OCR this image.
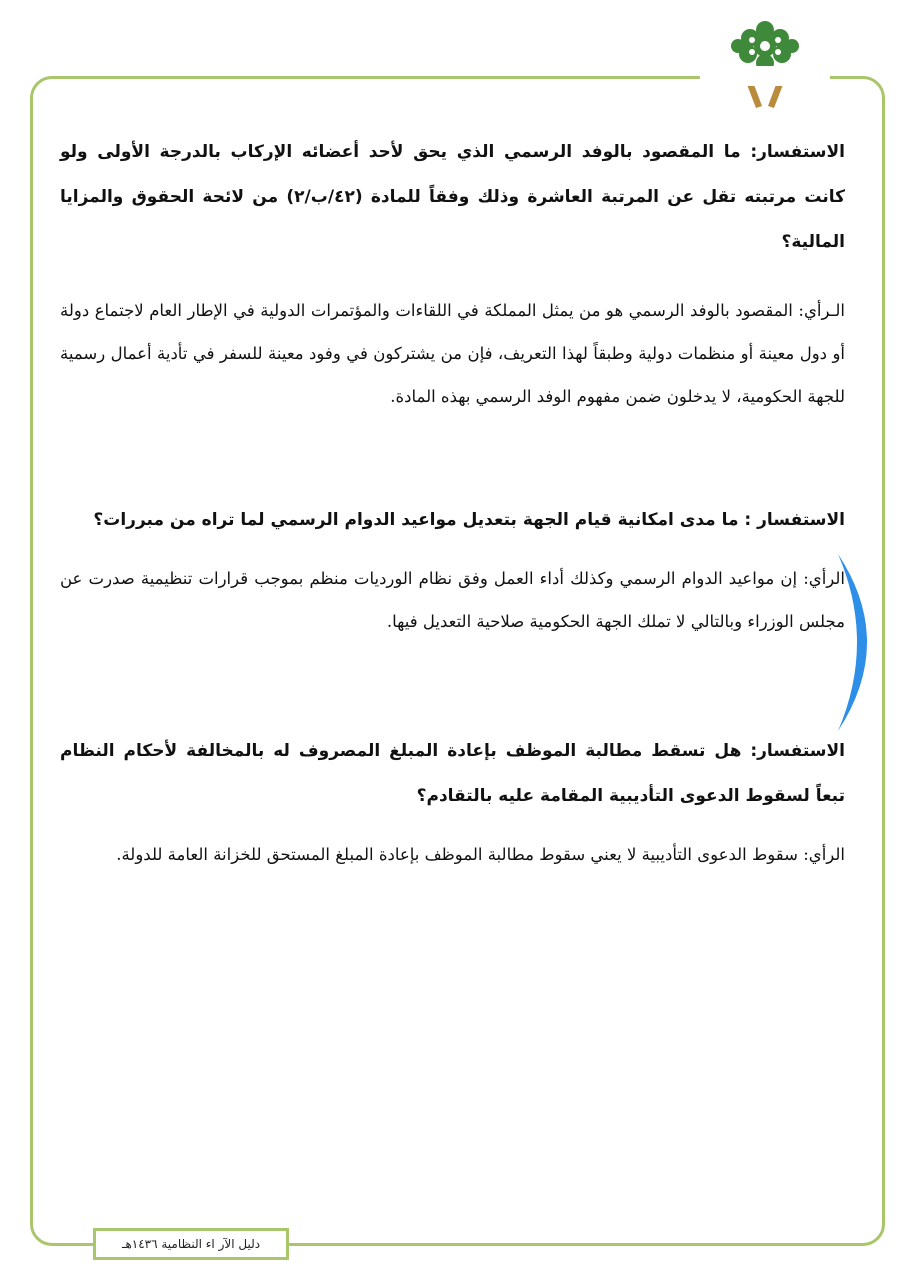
الاستفسار: ما المقصود بالوفد الرسمي الذي يحق لأحد أعضائه الإركاب بالدرجة الأولى ولو كانت مرتبته تقل عن المرتبة العاشرة وذلك وفقاً للمادة (٤٢/ب/٢) من لائحة الحقوق والمزايا المالية؟

الـرأي: المقصود بالوفد الرسمي هو من يمثل المملكة في اللقاءات والمؤتمرات الدولية في الإطار العام لاجتماع دولة أو دول معينة أو منظمات دولية وطبقاً لهذا التعريف، فإن من يشتركون في وفود معينة للسفر في تأدية أعمال رسمية للجهة الحكومية، لا يدخلون ضمن مفهوم الوفد الرسمي بهذه المادة.

الاستفسار : ما مدى امكانية قيام الجهة بتعديل مواعيد الدوام الرسمي لما تراه من مبررات؟

الرأي: إن مواعيد الدوام الرسمي وكذلك أداء العمل وفق نظام الورديات منظم بموجب قرارات تنظيمية صدرت عن مجلس الوزراء وبالتالي لا تملك الجهة الحكومية صلاحية التعديل فيها.

الاستفسار: هل تسقط مطالبة الموظف بإعادة المبلغ المصروف له بالمخالفة لأحكام النظام تبعاً لسقوط الدعوى التأديبية المقامة عليه بالتقادم؟

الرأي: سقوط الدعوى التأديبية لا يعني سقوط مطالبة الموظف بإعادة المبلغ المستحق للخزانة العامة للدولة.

دليل الآر اء النظامية ١٤٣٦هـ
